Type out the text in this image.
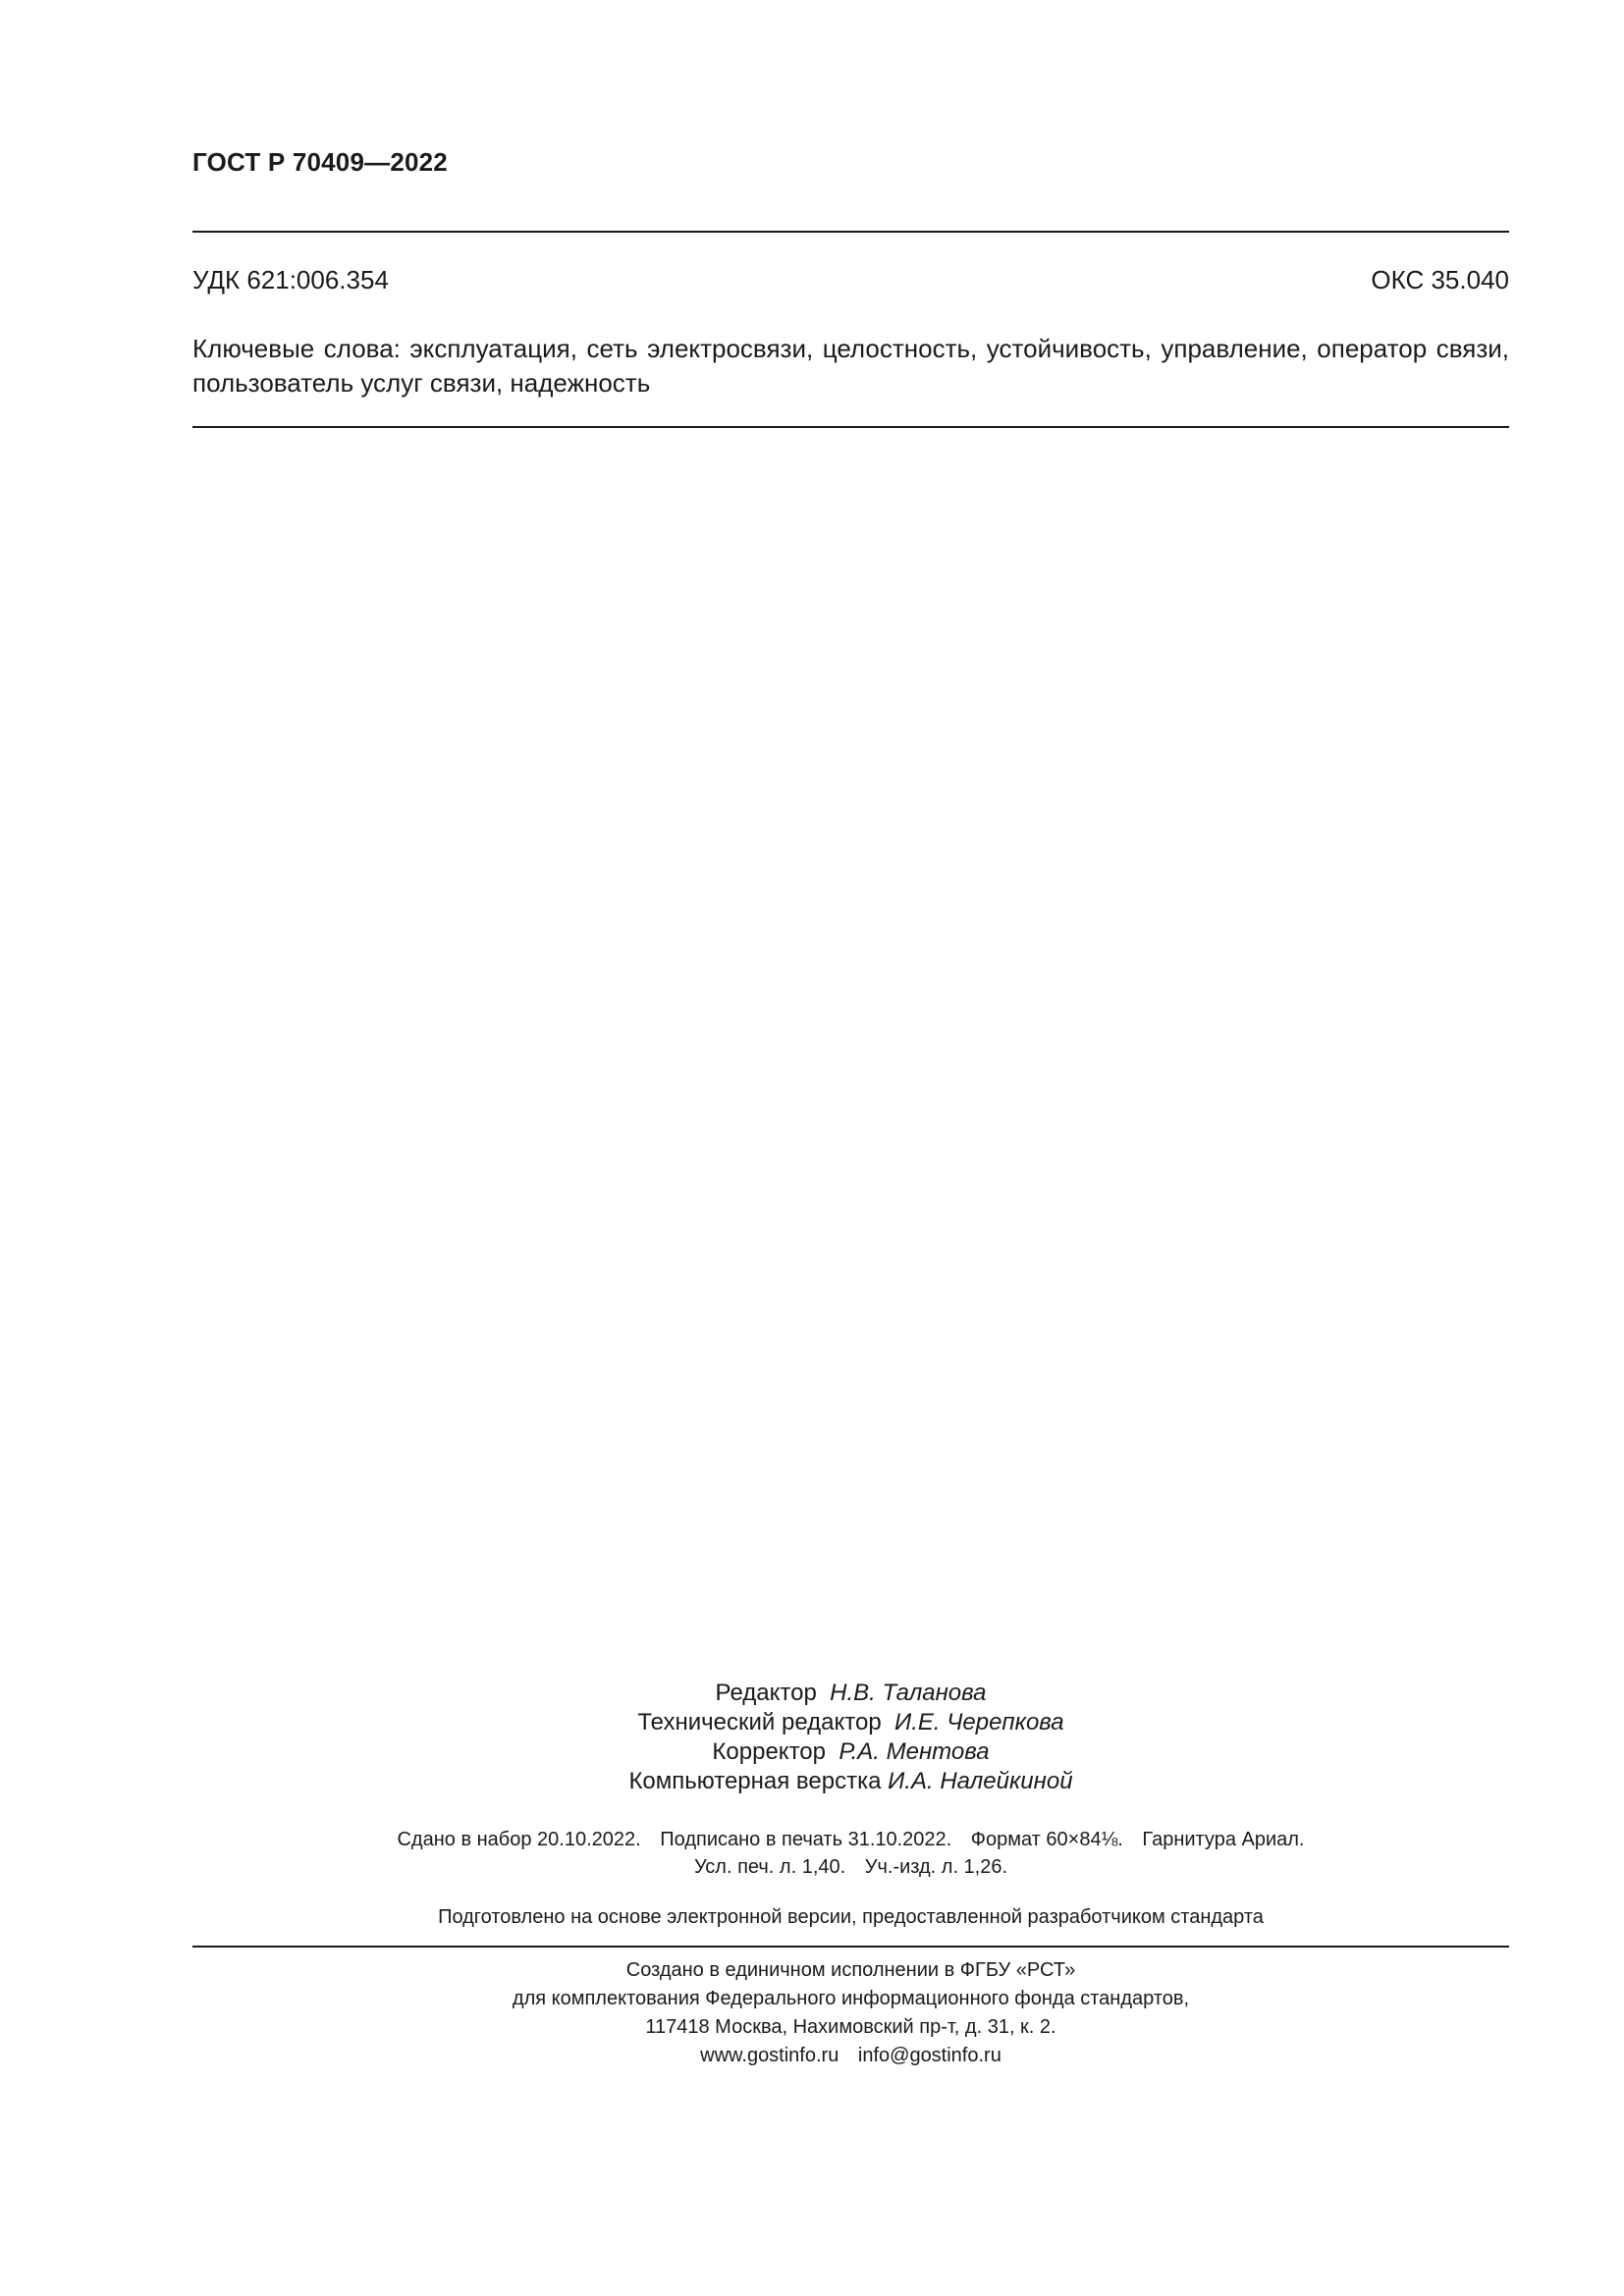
ГОСТ Р 70409—2022
УДК 621:006.354	ОКС 35.040
Ключевые слова: эксплуатация, сеть электросвязи, целостность, устойчивость, управление, оператор связи, пользователь услуг связи, надежность
Редактор Н.В. Таланова
Технический редактор И.Е. Черепкова
Корректор Р.А. Ментова
Компьютерная верстка И.А. Налейкиной
Сдано в набор 20.10.2022. Подписано в печать 31.10.2022. Формат 60×84⅛. Гарнитура Ариал.
Усл. печ. л. 1,40. Уч.-изд. л. 1,26.
Подготовлено на основе электронной версии, предоставленной разработчиком стандарта
Создано в единичном исполнении в ФГБУ «РСТ»
для комплектования Федерального информационного фонда стандартов,
117418 Москва, Нахимовский пр-т, д. 31, к. 2.
www.gostinfo.ru info@gostinfo.ru
